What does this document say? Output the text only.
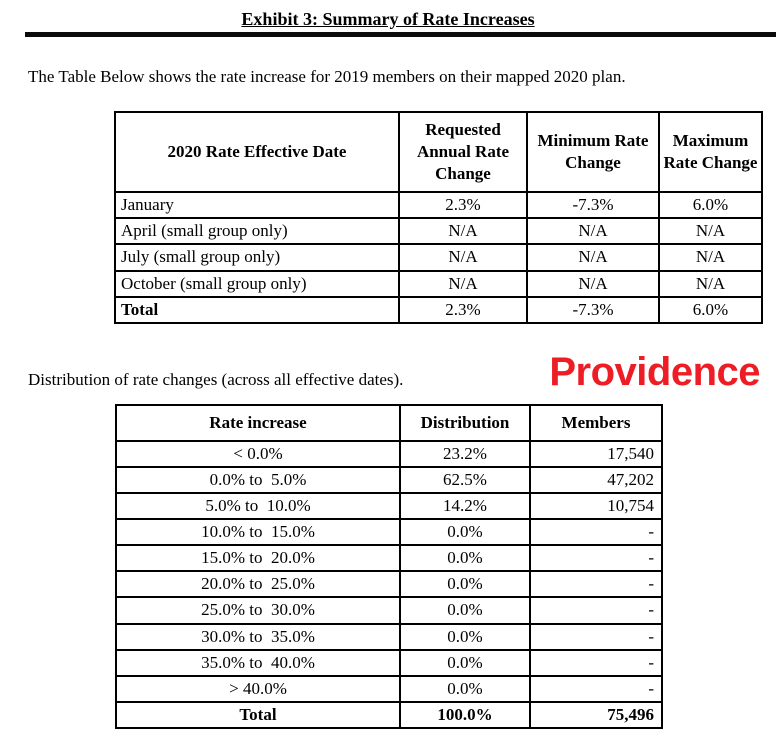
Exhibit 3: Summary of Rate Increases

The Table Below shows the rate increase for 2019 members on their mapped 2020 plan.

2020 Rate Effective Date	Requested Annual Rate Change	Minimum Rate Change	Maximum Rate Change
January	2.3%	-7.3%	6.0%
April (small group only)	N/A	N/A	N/A
July (small group only)	N/A	N/A	N/A
October (small group only)	N/A	N/A	N/A
Total	2.3%	-7.3%	6.0%
Distribution of rate changes (across all effective dates).	Providence
Rate increase	Distribution	Members
< 0.0%	23.2%	17,540
0.0% to  5.0%	62.5%	47,202
5.0% to  10.0%	14.2%	10,754
10.0% to  15.0%	0.0%	-
15.0% to  20.0%	0.0%	-
20.0% to  25.0%	0.0%	-
25.0% to  30.0%	0.0%	-
30.0% to  35.0%	0.0%	-
35.0% to  40.0%	0.0%	-
> 40.0%	0.0%	-
Total	100.0%	75,496
